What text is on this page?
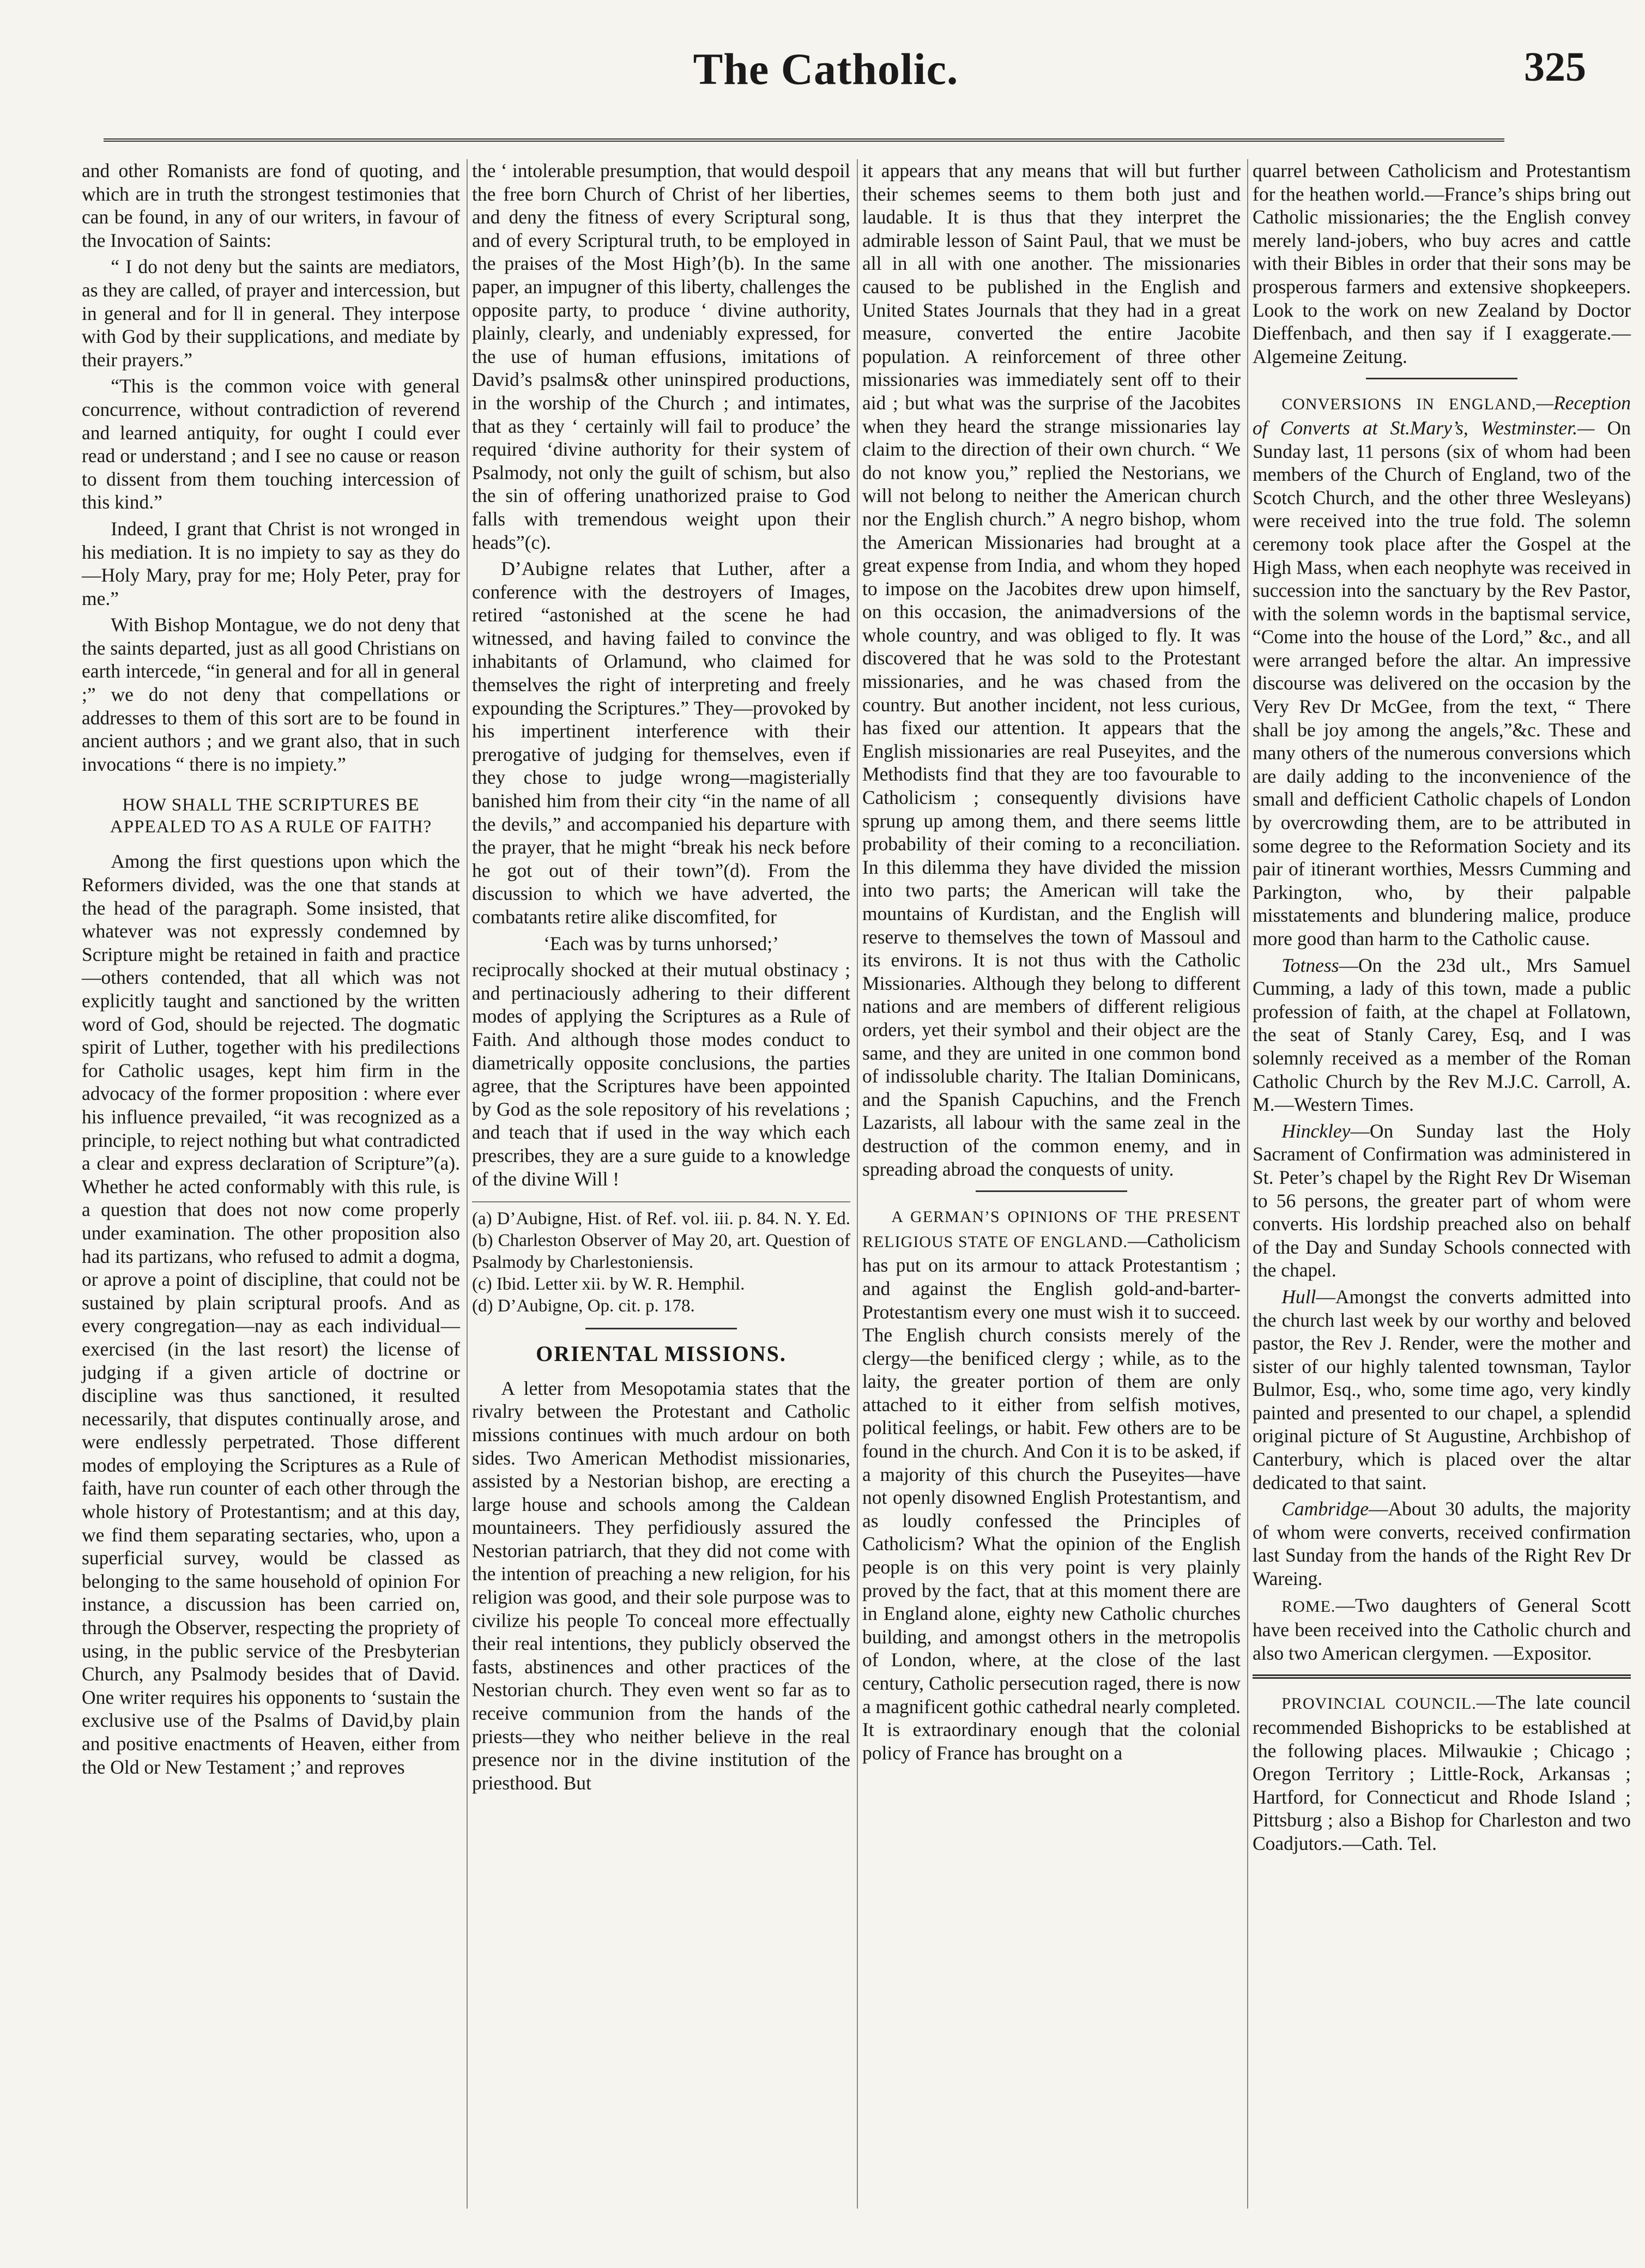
The Catholic.	325

and other Romanists are fond of quoting, and which are in truth the strongest testimonies that can be found, in any of our writers, in favour of the Invocation of Saints:

“ I do not deny but the saints are mediators, as they are called, of prayer and intercession, but in general and for ll in general. They interpose with God by their supplications, and mediate by their prayers.”

“This is the common voice with general concurrence, without contradiction of reverend and learned antiquity, for ought I could ever read or understand ; and I see no cause or reason to dissent from them touching intercession of this kind.”

Indeed, I grant that Christ is not wronged in his mediation. It is no impiety to say as they do—Holy Mary, pray for me; Holy Peter, pray for me.”

With Bishop Montague, we do not deny that the saints departed, just as all good Christians on earth intercede, “in general and for all in general ;” we do not deny that compellations or addresses to them of this sort are to be found in ancient authors ; and we grant also, that in such invocations “ there is no impiety.”

HOW SHALL THE SCRIPTURES BE APPEALED TO AS A RULE OF FAITH?

Among the first questions upon which the Reformers divided, was the one that stands at the head of the paragraph. Some insisted, that whatever was not expressly condemned by Scripture might be retained in faith and practice—others contended, that all which was not explicitly taught and sanctioned by the written word of God, should be rejected. The dogmatic spirit of Luther, together with his predilections for Catholic usages, kept him firm in the advocacy of the former proposition : where ever his influence prevailed, “it was recognized as a principle, to reject nothing but what contradicted a clear and express declaration of Scripture”(a). Whether he acted conformably with this rule, is a question that does not now come properly under examination. The other proposition also had its partizans, who refused to admit a dogma, or aprove a point of discipline, that could not be sustained by plain scriptural proofs. And as every congregation—nay as each individual—exercised (in the last resort) the license of judging if a given article of doctrine or discipline was thus sanctioned, it resulted necessarily, that disputes continually arose, and were endlessly perpetrated. Those different modes of employing the Scriptures as a Rule of faith, have run counter of each other through the whole history of Protestantism; and at this day, we find them separating sectaries, who, upon a superficial survey, would be classed as belonging to the same household of opinion For instance, a discussion has been carried on, through the Observer, respecting the propriety of using, in the public service of the Presbyterian Church, any Psalmody besides that of David. One writer requires his opponents to ‘sustain the exclusive use of the Psalms of David,by plain and positive enactments of Heaven, either from the Old or New Testament ;’ and reproves

the ‘ intolerable presumption, that would despoil the free born Church of Christ of her liberties, and deny the fitness of every Scriptural song, and of every Scriptural truth, to be employed in the praises of the Most High’(b). In the same paper, an impugner of this liberty, challenges the opposite party, to produce ‘ divine authority, plainly, clearly, and undeniably expressed, for the use of human effusions, imitations of David’s psalms& other uninspired productions, in the worship of the Church ; and intimates, that as they ‘ certainly will fail to produce’ the required ‘divine authority for their system of Psalmody, not only the guilt of schism, but also the sin of offering unathorized praise to God falls with tremendous weight upon their heads”(c).

D’Aubigne relates that Luther, after a conference with the destroyers of Images, retired “astonished at the scene he had witnessed, and having failed to convince the inhabitants of Orlamund, who claimed for themselves the right of interpreting and freely expounding the Scriptures.” They—provoked by his impertinent interference with their prerogative of judging for themselves, even if they chose to judge wrong—magisterially banished him from their city “in the name of all the devils,” and accompanied his departure with the prayer, that he might “break his neck before he got out of their town”(d). From the discussion to which we have adverted, the combatants retire alike discomfited, for

‘Each was by turns unhorsed;’

reciprocally shocked at their mutual obstinacy ; and pertinaciously adhering to their different modes of applying the Scriptures as a Rule of Faith. And although those modes conduct to diametrically opposite conclusions, the parties agree, that the Scriptures have been appointed by God as the sole repository of his revelations ; and teach that if used in the way which each prescribes, they are a sure guide to a knowledge of the divine Will !

(a) D’Aubigne, Hist. of Ref. vol. iii. p. 84. N. Y. Ed. (b) Charleston Observer of May 20, art. Question of Psalmody by Charlestoniensis.

(c) Ibid. Letter xii. by W. R. Hemphil.

(d) D’Aubigne, Op. cit. p. 178.

ORIENTAL MISSIONS.

A letter from Mesopotamia states that the rivalry between the Protestant and Catholic missions continues with much ardour on both sides. Two American Methodist missionaries, assisted by a Nestorian bishop, are erecting a large house and schools among the Caldean mountaineers. They perfidiously assured the Nestorian patriarch, that they did not come with the intention of preaching a new religion, for his religion was good, and their sole purpose was to civilize his people To conceal more effectually their real intentions, they publicly observed the fasts, abstinences and other practices of the Nestorian church. They even went so far as to receive communion from the hands of the priests—they who neither believe in the real presence nor in the divine institution of the priesthood. But

it appears that any means that will but further their schemes seems to them both just and laudable. It is thus that they interpret the admirable lesson of Saint Paul, that we must be all in all with one another. The missionaries caused to be published in the English and United States Journals that they had in a great measure, converted the entire Jacobite population. A reinforcement of three other missionaries was immediately sent off to their aid ; but what was the surprise of the Jacobites when they heard the strange missionaries lay claim to the direction of their own church. “ We do not know you,” replied the Nestorians, we will not belong to neither the American church nor the English church.” A negro bishop, whom the American Missionaries had brought at a great expense from India, and whom they hoped to impose on the Jacobites drew upon himself, on this occasion, the animadversions of the whole country, and was obliged to fly. It was discovered that he was sold to the Protestant missionaries, and he was chased from the country. But another incident, not less curious, has fixed our attention. It appears that the English missionaries are real Puseyites, and the Methodists find that they are too favourable to Catholicism ; consequently divisions have sprung up among them, and there seems little probability of their coming to a reconciliation. In this dilemma they have divided the mission into two parts; the American will take the mountains of Kurdistan, and the English will reserve to themselves the town of Massoul and its environs. It is not thus with the Catholic Missionaries. Although they belong to different nations and are members of different religious orders, yet their symbol and their object are the same, and they are united in one common bond of indissoluble charity. The Italian Dominicans, and the Spanish Capuchins, and the French Lazarists, all labour with the same zeal in the destruction of the common enemy, and in spreading abroad the conquests of unity.

A GERMAN’S OPINIONS OF THE PRESENT RELIGIOUS STATE OF ENGLAND.—Catholicism has put on its armour to attack Protestantism ; and against the English gold-and-barter-Protestantism every one must wish it to succeed. The English church consists merely of the clergy—the benificed clergy ; while, as to the laity, the greater portion of them are only attached to it either from selfish motives, political feelings, or habit. Few others are to be found in the church. And Con it is to be asked, if a majority of this church the Puseyites—have not openly disowned English Protestantism, and as loudly confessed the Principles of Catholicism? What the opinion of the English people is on this very point is very plainly proved by the fact, that at this moment there are in England alone, eighty new Catholic churches building, and amongst others in the metropolis of London, where, at the close of the last century, Catholic persecution raged, there is now a magnificent gothic cathedral nearly completed. It is extraordinary enough that the colonial policy of France has brought on a

quarrel between Catholicism and Protestantism for the heathen world.—France’s ships bring out Catholic missionaries; the the English convey merely land-jobers, who buy acres and cattle with their Bibles in order that their sons may be prosperous farmers and extensive shopkeepers. Look to the work on new Zealand by Doctor Dieffenbach, and then say if I exaggerate.—Algemeine Zeitung.

CONVERSIONS IN ENGLAND,—Reception of Converts at St.Mary’s, Westminster.— On Sunday last, 11 persons (six of whom had been members of the Church of England, two of the Scotch Church, and the other three Wesleyans) were received into the true fold. The solemn ceremony took place after the Gospel at the High Mass, when each neophyte was received in succession into the sanctuary by the Rev Pastor, with the solemn words in the baptismal service, “Come into the house of the Lord,” &c., and all were arranged before the altar. An impressive discourse was delivered on the occasion by the Very Rev Dr McGee, from the text, “ There shall be joy among the angels,”&c. These and many others of the numerous conversions which are daily adding to the inconvenience of the small and defficient Catholic chapels of London by overcrowding them, are to be attributed in some degree to the Reformation Society and its pair of itinerant worthies, Messrs Cumming and Parkington, who, by their palpable misstatements and blundering malice, produce more good than harm to the Catholic cause.

Totness—On the 23d ult., Mrs Samuel Cumming, a lady of this town, made a public profession of faith, at the chapel at Follatown, the seat of Stanly Carey, Esq, and I was solemnly received as a member of the Roman Catholic Church by the Rev M.J.C. Carroll, A. M.—Western Times.

Hinckley—On Sunday last the Holy Sacrament of Confirmation was administered in St. Peter’s chapel by the Right Rev Dr Wiseman to 56 persons, the greater part of whom were converts. His lordship preached also on behalf of the Day and Sunday Schools connected with the chapel.

Hull—Amongst the converts admitted into the church last week by our worthy and beloved pastor, the Rev J. Render, were the mother and sister of our highly talented townsman, Taylor Bulmor, Esq., who, some time ago, very kindly painted and presented to our chapel, a splendid original picture of St Augustine, Archbishop of Canterbury, which is placed over the altar dedicated to that saint.

Cambridge—About 30 adults, the majority of whom were converts, received confirmation last Sunday from the hands of the Right Rev Dr Wareing.

ROME.—Two daughters of General Scott have been received into the Catholic church and also two American clergymen. —Expositor.

PROVINCIAL COUNCIL.—The late council recommended Bishopricks to be established at the following places. Milwaukie ; Chicago ; Oregon Territory ; Little-Rock, Arkansas ; Hartford, for Connecticut and Rhode Island ; Pittsburg ; also a Bishop for Charleston and two Coadjutors.—Cath. Tel.
